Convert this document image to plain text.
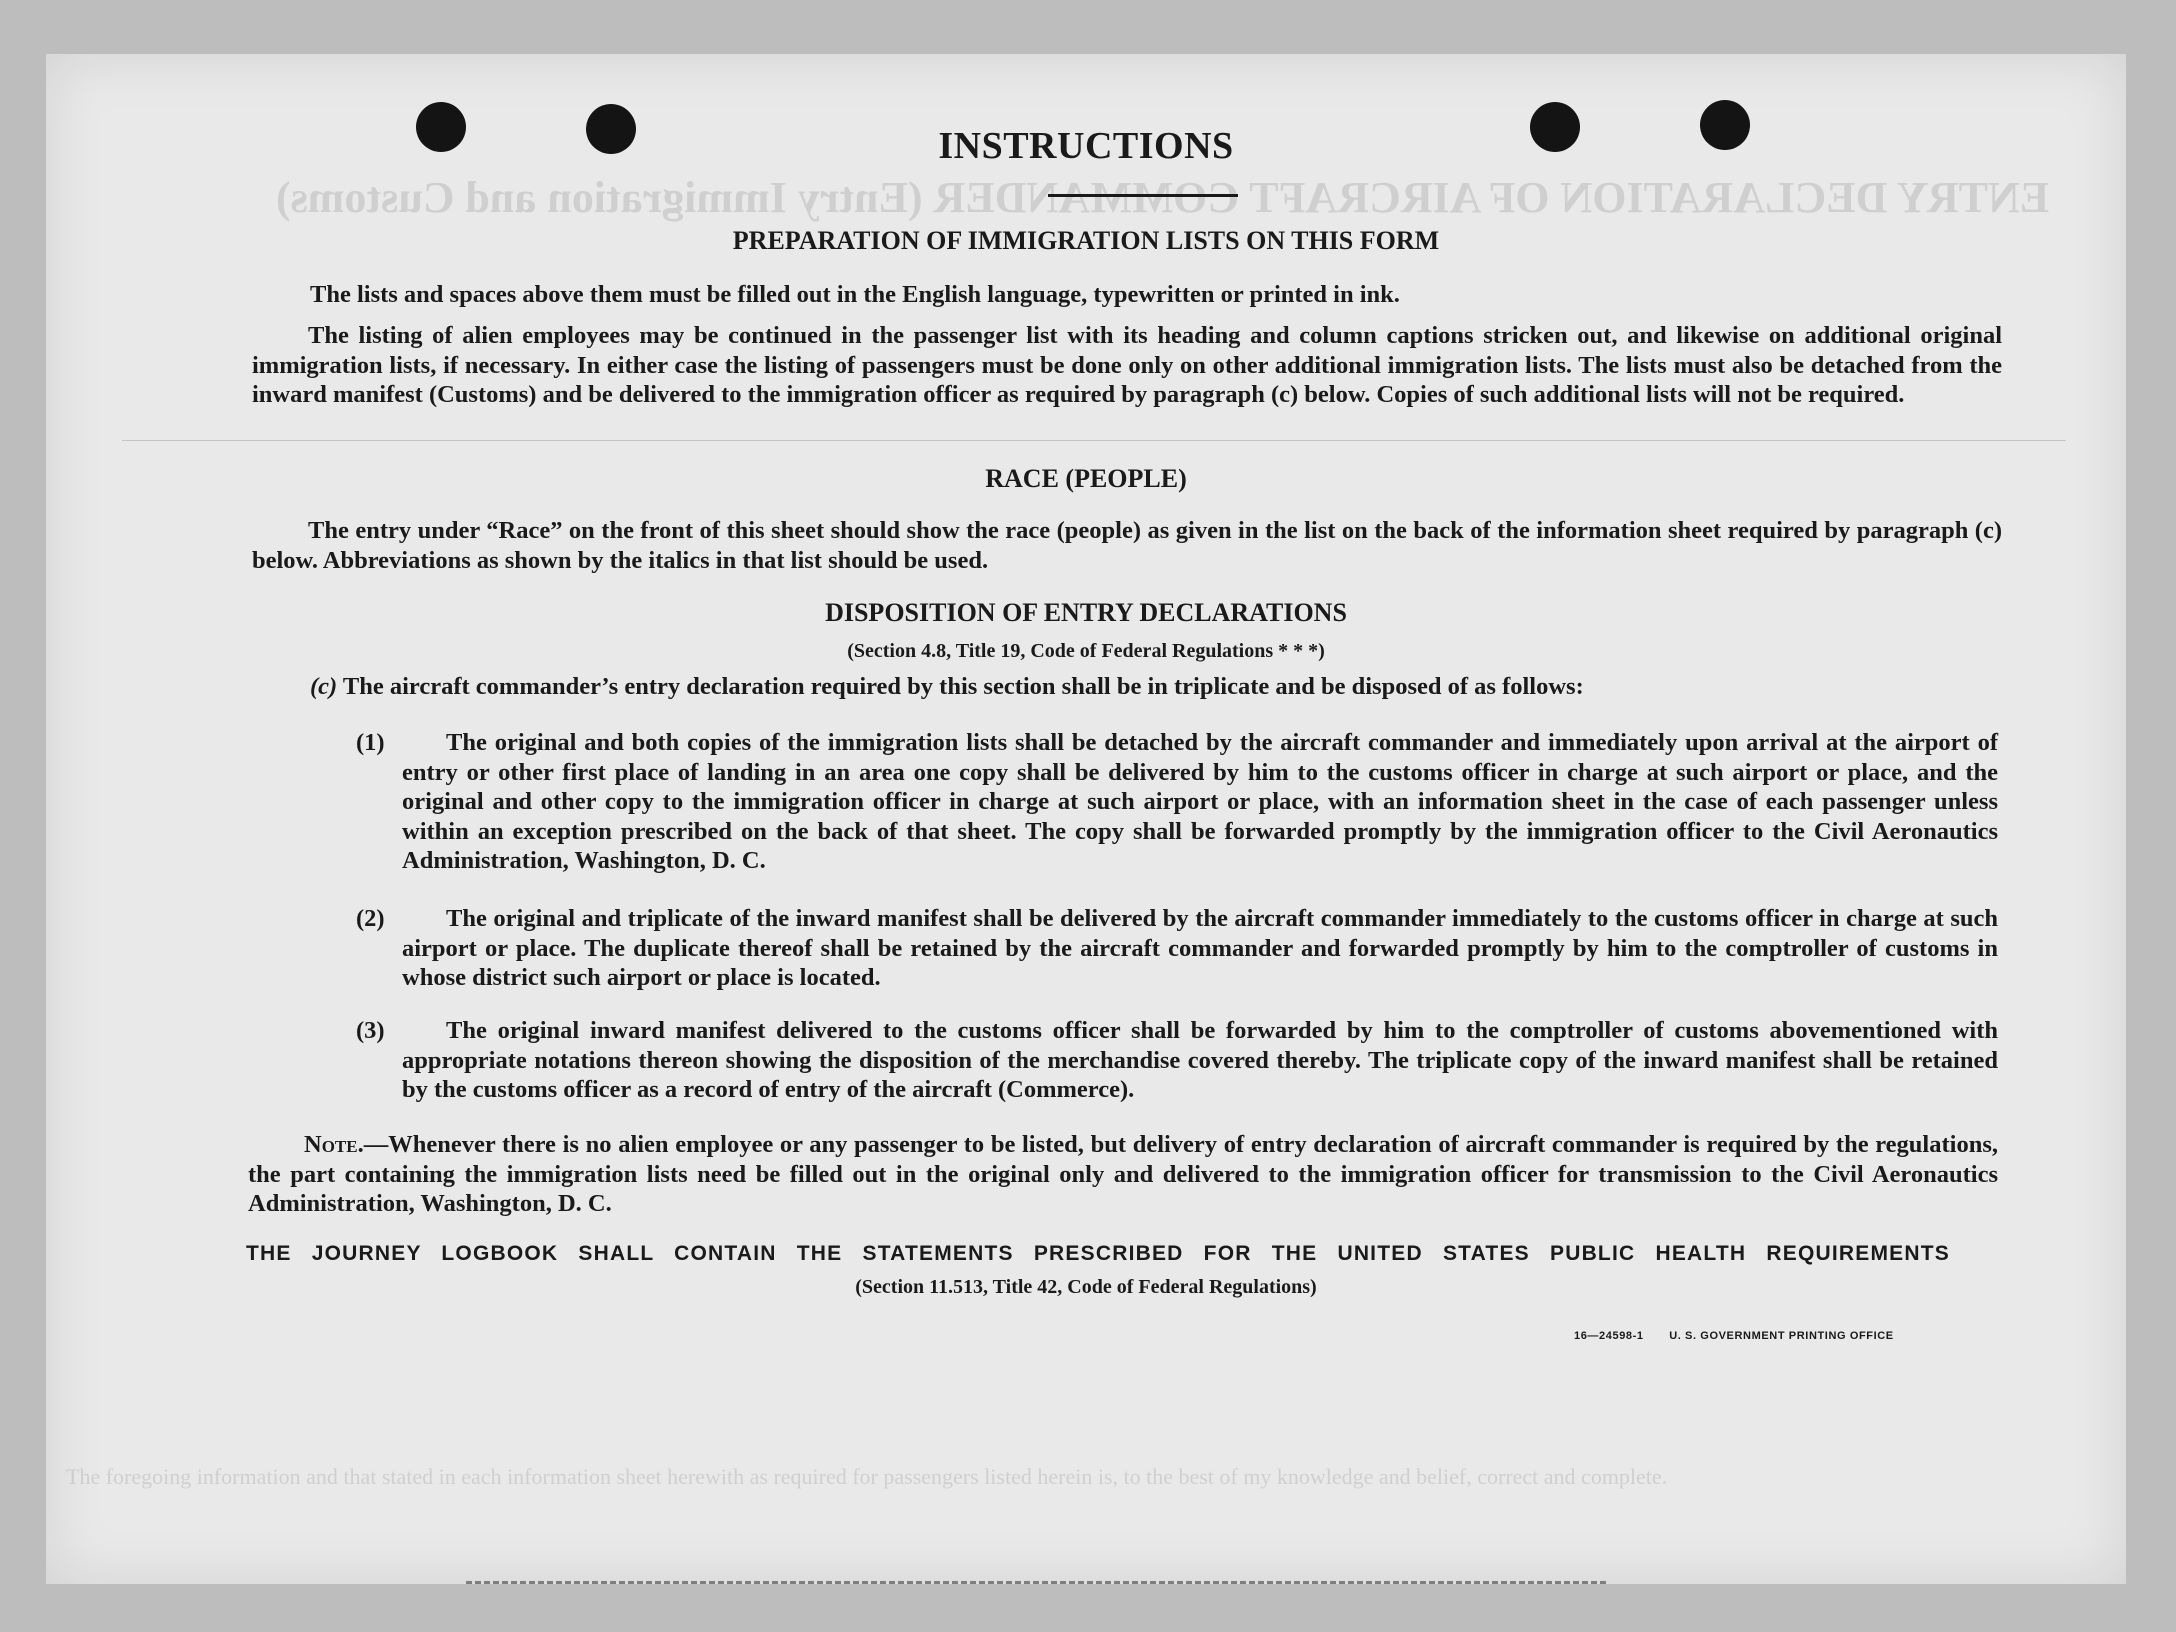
ENTRY DECLARATION OF AIRCRAFT COMMANDER (Entry Immigration and Customs)
The foregoing information and that stated in each information sheet herewith as required for passengers listed herein is, to the best of my knowledge and belief, correct and complete.
INSTRUCTIONS
PREPARATION OF IMMIGRATION LISTS ON THIS FORM
The lists and spaces above them must be filled out in the English language, typewritten or printed in ink.
The listing of alien employees may be continued in the passenger list with its heading and column captions stricken out, and likewise on additional original immigration lists, if necessary. In either case the listing of passengers must be done only on other additional immigration lists. The lists must also be detached from the inward manifest (Customs) and be delivered to the immigration officer as required by paragraph (c) below. Copies of such additional lists will not be required.
RACE (PEOPLE)
The entry under “Race” on the front of this sheet should show the race (people) as given in the list on the back of the information sheet required by paragraph (c) below. Abbreviations as shown by the italics in that list should be used.
DISPOSITION OF ENTRY DECLARATIONS
(Section 4.8, Title 19, Code of Federal Regulations * * *)
(c) The aircraft commander’s entry declaration required by this section shall be in triplicate and be disposed of as follows:
(1)	The original and both copies of the immigration lists shall be detached by the aircraft commander and immediately upon arrival at the airport of entry or other first place of landing in an area one copy shall be delivered by him to the customs officer in charge at such airport or place, and the original and other copy to the immigration officer in charge at such airport or place, with an information sheet in the case of each passenger unless within an exception prescribed on the back of that sheet. The copy shall be forwarded promptly by the immigration officer to the Civil Aeronautics Administration, Washington, D. C.
(2)	The original and triplicate of the inward manifest shall be delivered by the aircraft commander immediately to the customs officer in charge at such airport or place. The duplicate thereof shall be retained by the aircraft commander and forwarded promptly by him to the comptroller of customs in whose district such airport or place is located.
(3)	The original inward manifest delivered to the customs officer shall be forwarded by him to the comptroller of customs abovementioned with appropriate notations thereon showing the disposition of the merchandise covered thereby. The triplicate copy of the inward manifest shall be retained by the customs officer as a record of entry of the aircraft (Commerce).
Note.—Whenever there is no alien employee or any passenger to be listed, but delivery of entry declaration of aircraft commander is required by the regulations, the part containing the immigration lists need be filled out in the original only and delivered to the immigration officer for transmission to the Civil Aeronautics Administration, Washington, D. C.
THE JOURNEY LOGBOOK SHALL CONTAIN THE STATEMENTS PRESCRIBED FOR THE UNITED STATES PUBLIC HEALTH REQUIREMENTS
(Section 11.513, Title 42, Code of Federal Regulations)
16—24598-1 U. S. GOVERNMENT PRINTING OFFICE
